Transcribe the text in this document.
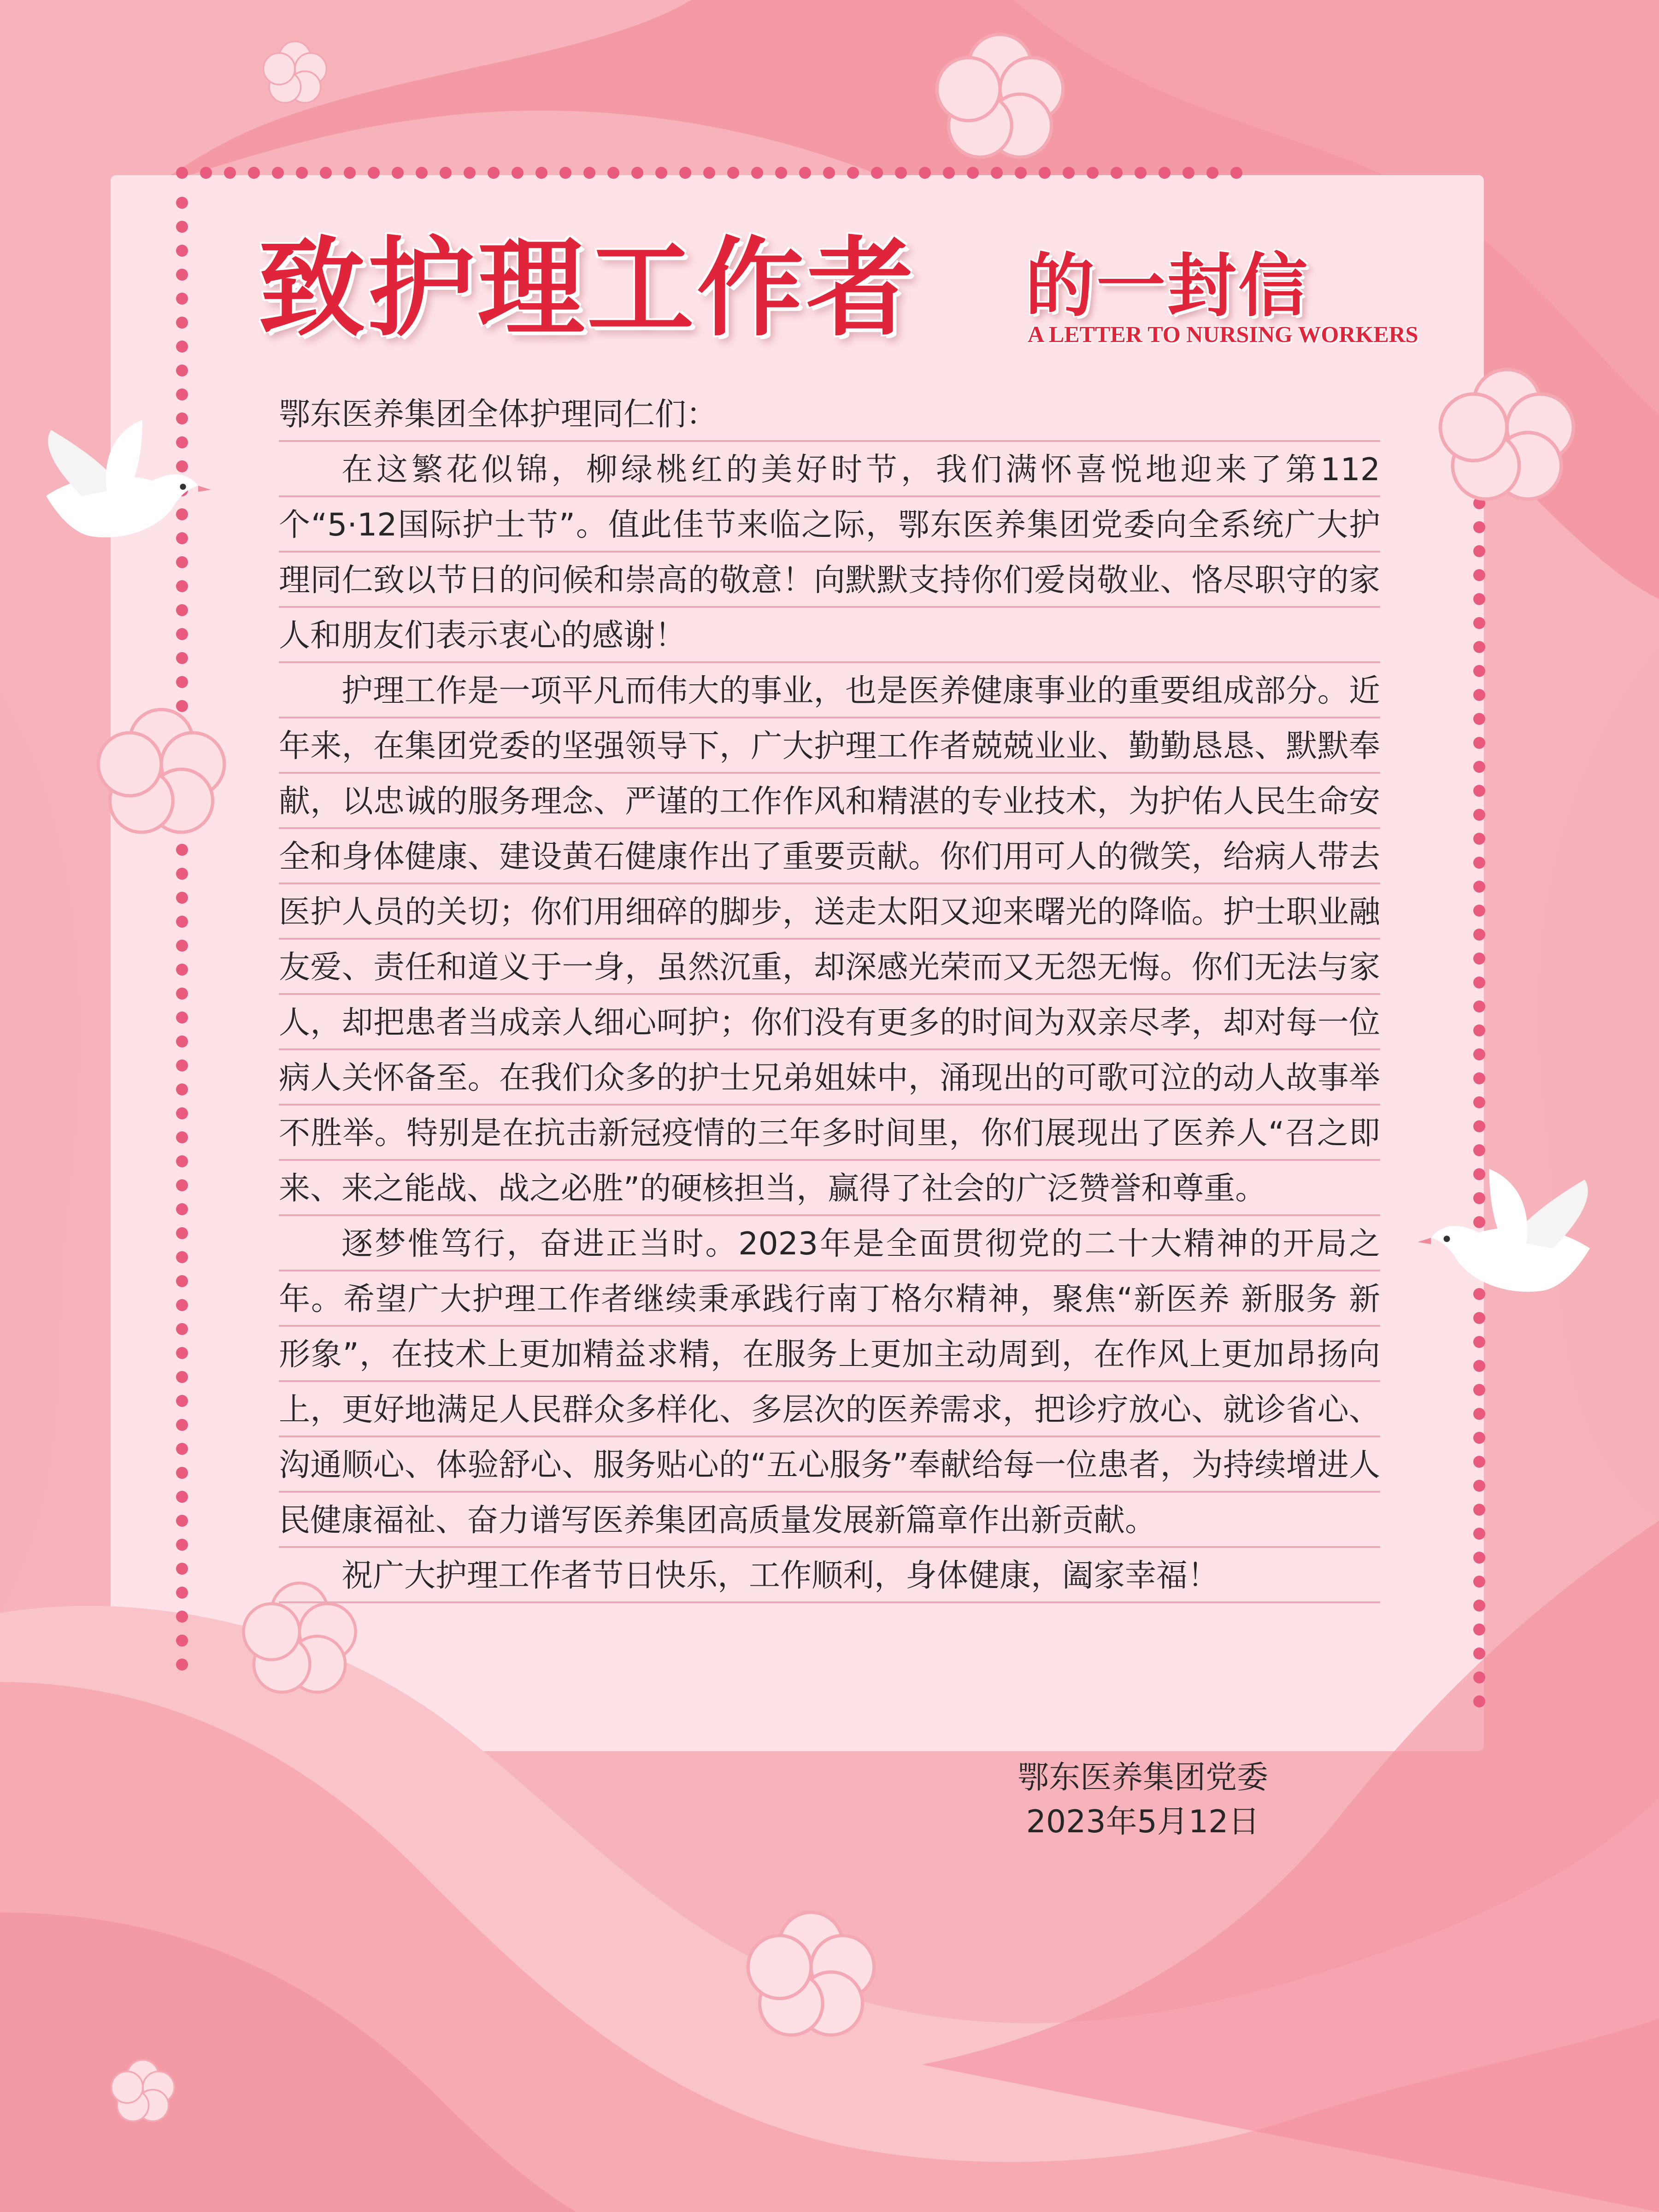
致护理工作者 的一封信
A LETTER TO NURSING WORKERS

鄂东医养集团全体护理同仁们：

在这繁花似锦，柳绿桃红的美好时节，我们满怀喜悦地迎来了第112个“5·12国际护士节”。值此佳节来临之际，鄂东医养集团党委向全系统广大护理同仁致以节日的问候和崇高的敬意！向默默支持你们爱岗敬业、恪尽职守的家人和朋友们表示衷心的感谢！

护理工作是一项平凡而伟大的事业，也是医养健康事业的重要组成部分。近年来，在集团党委的坚强领导下，广大护理工作者兢兢业业、勤勤恳恳、默默奉献，以忠诚的服务理念、严谨的工作作风和精湛的专业技术，为护佑人民生命安全和身体健康、建设黄石健康作出了重要贡献。你们用可人的微笑，给病人带去医护人员的关切；你们用细碎的脚步，送走太阳又迎来曙光的降临。护士职业融友爱、责任和道义于一身，虽然沉重，却深感光荣而又无怨无悔。你们无法与家人，却把患者当成亲人细心呵护；你们没有更多的时间为双亲尽孝，却对每一位病人关怀备至。在我们众多的护士兄弟姐妹中，涌现出的可歌可泣的动人故事举不胜举。特别是在抗击新冠疫情的三年多时间里，你们展现出了医养人“召之即来、来之能战、战之必胜”的硬核担当，赢得了社会的广泛赞誉和尊重。

逐梦惟笃行，奋进正当时。2023年是全面贯彻党的二十大精神的开局之年。希望广大护理工作者继续秉承践行南丁格尔精神，聚焦“新医养 新服务 新形象”，在技术上更加精益求精，在服务上更加主动周到，在作风上更加昂扬向上，更好地满足人民群众多样化、多层次的医养需求，把诊疗放心、就诊省心、沟通顺心、体验舒心、服务贴心的“五心服务”奉献给每一位患者，为持续增进人民健康福祉、奋力谱写医养集团高质量发展新篇章作出新贡献。

祝广大护理工作者节日快乐，工作顺利，身体健康，阖家幸福！

鄂东医养集团党委
2023年5月12日
